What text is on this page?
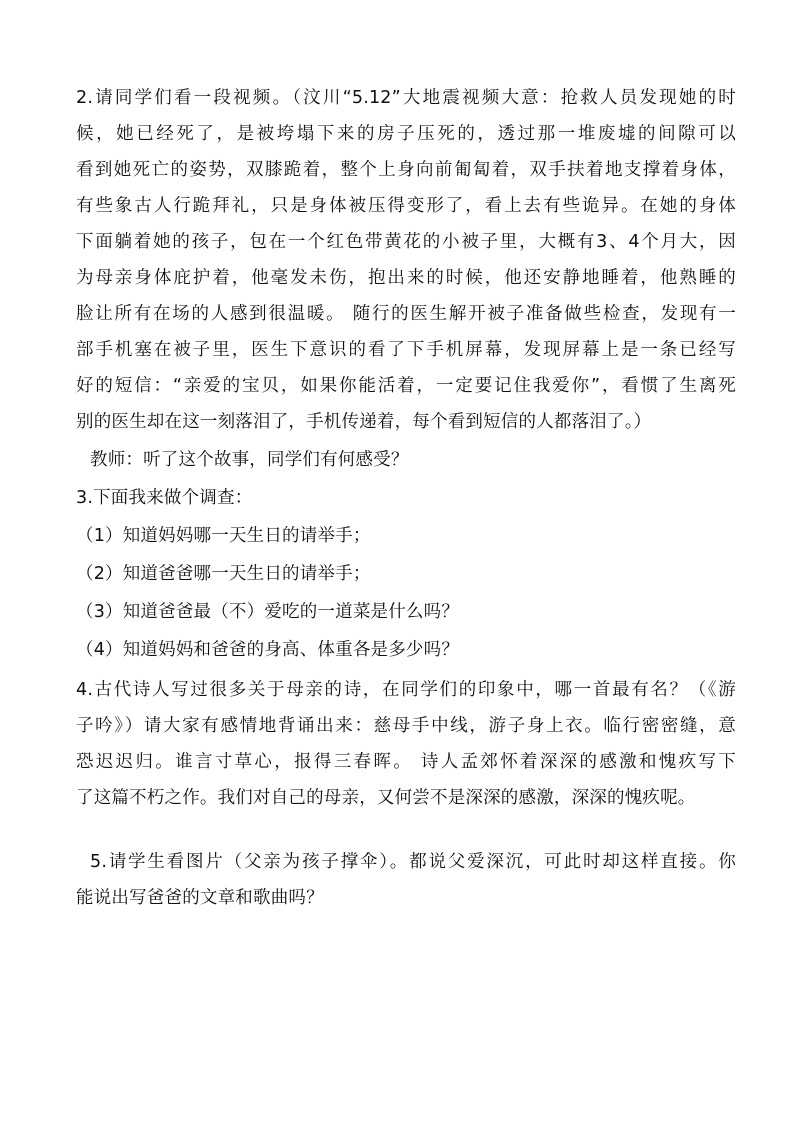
2.请同学们看一段视频。（汶川“5.12”大地震视频大意：抢救人员发现她的时
候，她已经死了，是被垮塌下来的房子压死的，透过那一堆废墟的间隙可以
看到她死亡的姿势，双膝跪着，整个上身向前匍匐着，双手扶着地支撑着身体，
有些象古人行跪拜礼，只是身体被压得变形了，看上去有些诡异。在她的身体
下面躺着她的孩子，包在一个红色带黄花的小被子里，大概有3、4个月大，因
为母亲身体庇护着，他毫发未伤，抱出来的时候，他还安静地睡着，他熟睡的
脸让所有在场的人感到很温暖。 随行的医生解开被子准备做些检查，发现有一
部手机塞在被子里，医生下意识的看了下手机屏幕，发现屏幕上是一条已经写
好的短信：“亲爱的宝贝，如果你能活着，一定要记住我爱你”，看惯了生离死
别的医生却在这一刻落泪了，手机传递着，每个看到短信的人都落泪了。）
教师：听了这个故事，同学们有何感受？
3.下面我来做个调查：
（1）知道妈妈哪一天生日的请举手；
（2）知道爸爸哪一天生日的请举手；
（3）知道爸爸最（不）爱吃的一道菜是什么吗？
（4）知道妈妈和爸爸的身高、体重各是多少吗？
4.古代诗人写过很多关于母亲的诗，在同学们的印象中，哪一首最有名？（《游
子吟》）请大家有感情地背诵出来：慈母手中线，游子身上衣。临行密密缝，意
恐迟迟归。谁言寸草心，报得三春晖。 诗人孟郊怀着深深的感激和愧疚写下
了这篇不朽之作。我们对自己的母亲，又何尝不是深深的感激，深深的愧疚呢。
5.请学生看图片（父亲为孩子撑伞）。都说父爱深沉，可此时却这样直接。你
能说出写爸爸的文章和歌曲吗？
